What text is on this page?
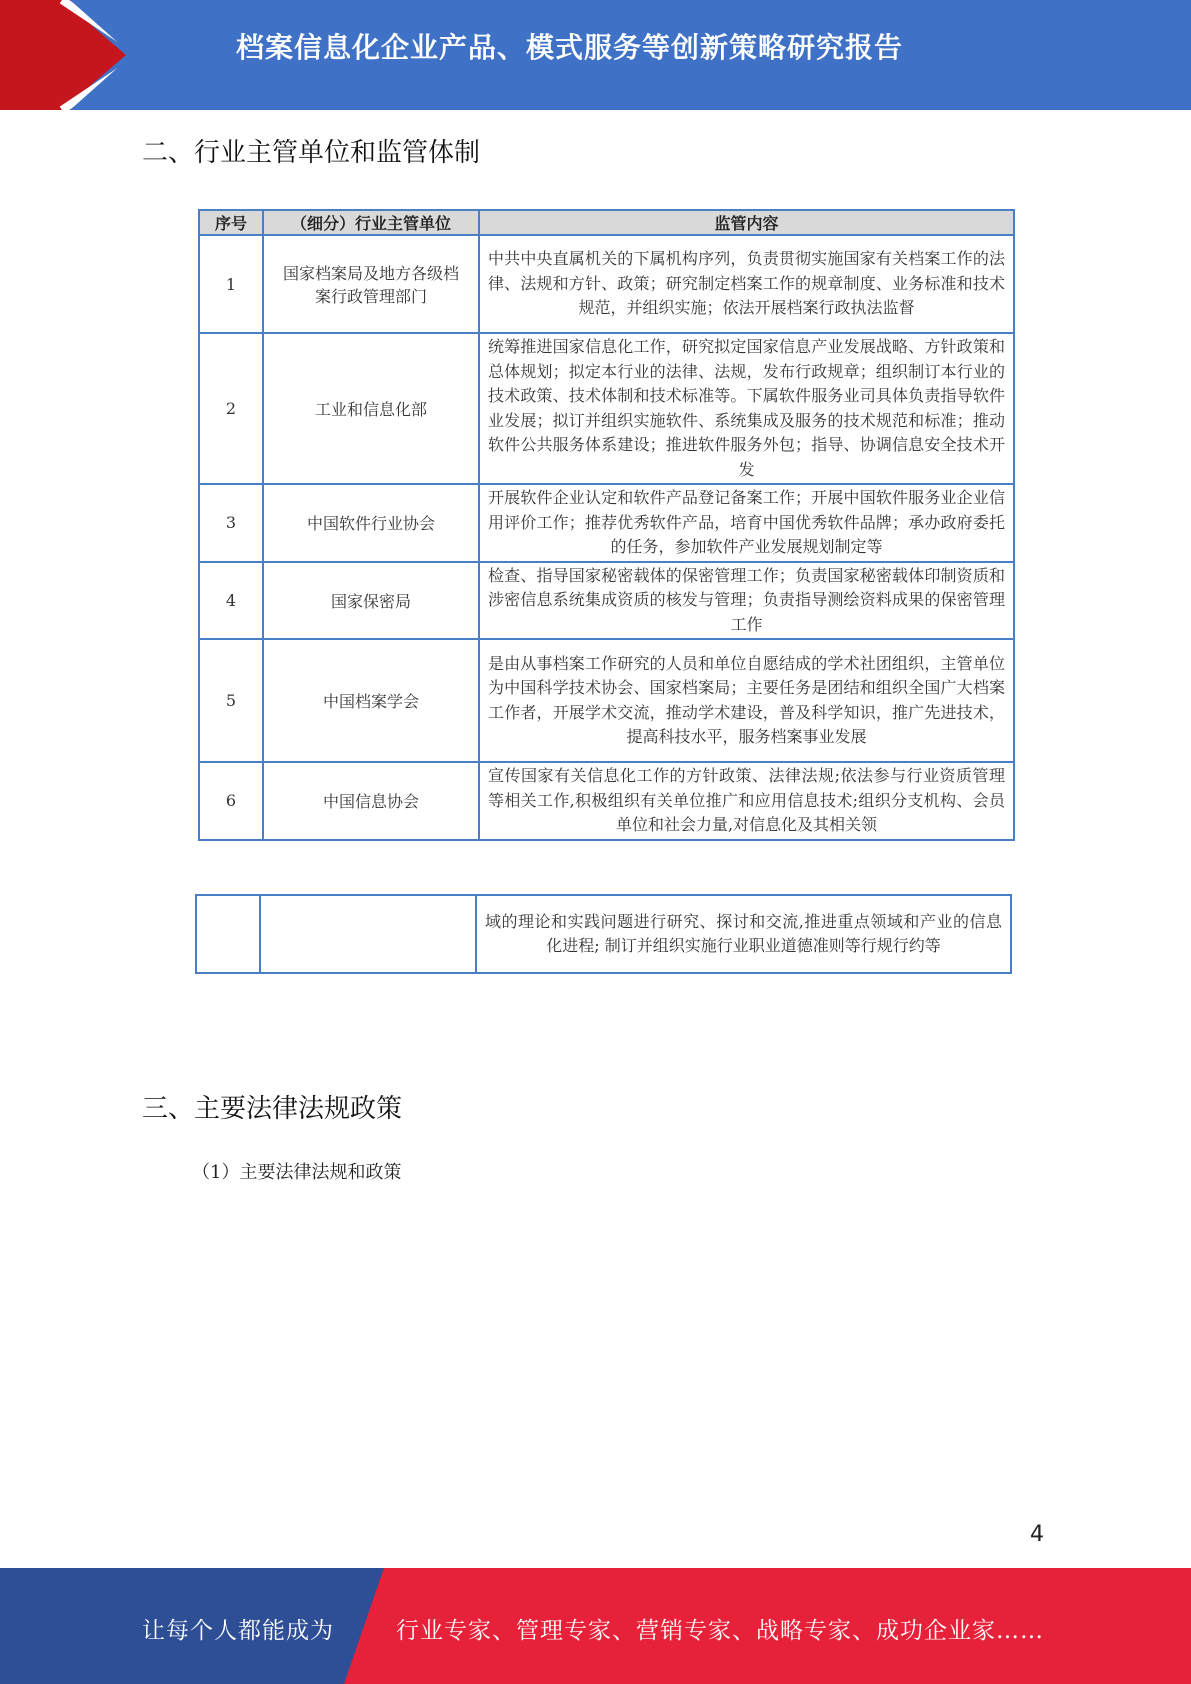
档案信息化企业产品、模式服务等创新策略研究报告
二、行业主管单位和监管体制
序号	（细分）行业主管单位	监管内容
1	国家档案局及地方各级档案行政管理部门	中共中央直属机关的下属机构序列，负责贯彻实施国家有关档案工作的法律、法规和方针、政策；研究制定档案工作的规章制度、业务标准和技术规范，并组织实施；依法开展档案行政执法监督
2	工业和信息化部	统筹推进国家信息化工作，研究拟定国家信息产业发展战略、方针政策和总体规划；拟定本行业的法律、法规，发布行政规章；组织制订本行业的技术政策、技术体制和技术标准等。下属软件服务业司具体负责指导软件业发展；拟订并组织实施软件、系统集成及服务的技术规范和标准；推动软件公共服务体系建设；推进软件服务外包；指导、协调信息安全技术开发
3	中国软件行业协会	开展软件企业认定和软件产品登记备案工作；开展中国软件服务业企业信用评价工作；推荐优秀软件产品，培育中国优秀软件品牌；承办政府委托的任务，参加软件产业发展规划制定等
4	国家保密局	检查、指导国家秘密载体的保密管理工作；负责国家秘密载体印制资质和涉密信息系统集成资质的核发与管理；负责指导测绘资料成果的保密管理工作
5	中国档案学会	是由从事档案工作研究的人员和单位自愿结成的学术社团组织，主管单位为中国科学技术协会、国家档案局；主要任务是团结和组织全国广大档案工作者，开展学术交流，推动学术建设，普及科学知识，推广先进技术，提高科技水平，服务档案事业发展
6	中国信息协会	宣传国家有关信息化工作的方针政策、法律法规;依法参与行业资质管理等相关工作,积极组织有关单位推广和应用信息技术;组织分支机构、会员单位和社会力量,对信息化及其相关领
		域的理论和实践问题进行研究、探讨和交流,推进重点领域和产业的信息化进程; 制订并组织实施行业职业道德准则等行规行约等
三、主要法律法规政策
（1）主要法律法规和政策
4
让每个人都能成为	行业专家、管理专家、营销专家、战略专家、成功企业家……
